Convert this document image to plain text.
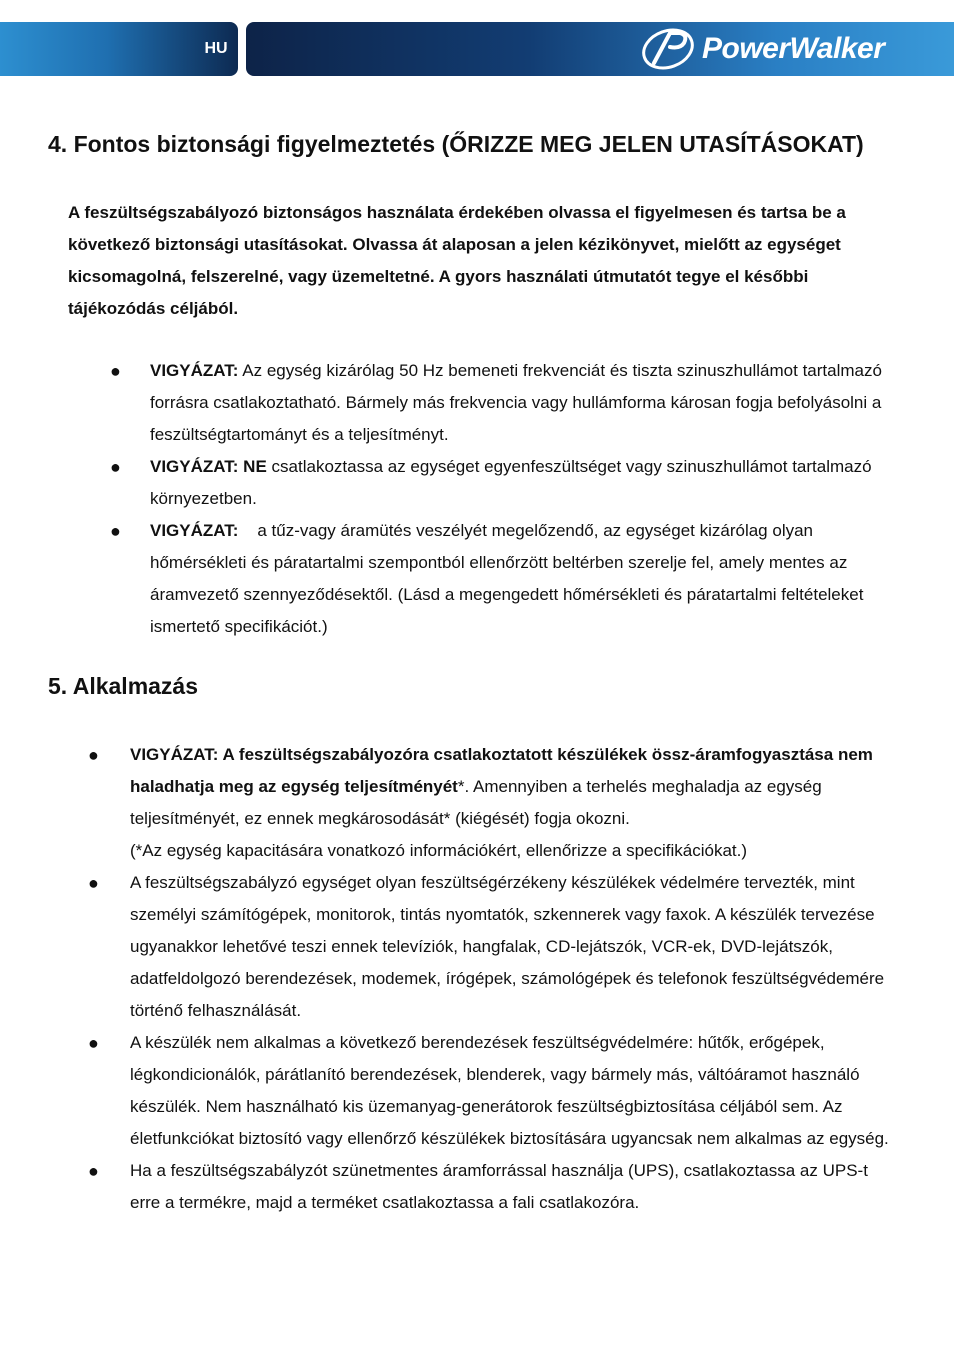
HU	PowerWalker
4. Fontos biztonsági figyelmeztetés (ŐRIZZE MEG JELEN UTASÍTÁSOKAT)

A feszültségszabályozó biztonságos használata érdekében olvassa el figyelmesen és tartsa be a következő biztonsági utasításokat. Olvassa át alaposan a jelen kézikönyvet, mielőtt az egységet kicsomagolná, felszerelné, vagy üzemeltetné. A gyors használati útmutatót tegye el későbbi tájékozódás céljából.

● VIGYÁZAT: Az egység kizárólag 50 Hz bemeneti frekvenciát és tiszta szinuszhullámot tartalmazó forrásra csatlakoztatható. Bármely más frekvencia vagy hullámforma károsan fogja befolyásolni a feszültségtartományt és a teljesítményt.
● VIGYÁZAT: NE csatlakoztassa az egységet egyenfeszültséget vagy szinuszhullámot tartalmazó környezetben.
● VIGYÁZAT:    a tűz-vagy áramütés veszélyét megelőzendő, az egységet kizárólag olyan hőmérsékleti és páratartalmi szempontból ellenőrzött beltérben szerelje fel, amely mentes az áramvezető szennyeződésektől. (Lásd a megengedett hőmérsékleti és páratartalmi feltételeket ismertető specifikációt.)
5. Alkalmazás
● VIGYÁZAT: A feszültségszabályozóra csatlakoztatott készülékek össz-áramfogyasztása nem haladhatja meg az egység teljesítményét*. Amennyiben a terhelés meghaladja az egység teljesítményét, ez ennek megkárosodását* (kiégését) fogja okozni.
(*Az egység kapacitására vonatkozó információkért, ellenőrizze a specifikációkat.)
● A feszültségszabályzó egységet olyan feszültségérzékeny készülékek védelmére tervezték, mint személyi számítógépek, monitorok, tintás nyomtatók, szkennerek vagy faxok. A készülék tervezése ugyanakkor lehetővé teszi ennek televíziók, hangfalak, CD-lejátszók, VCR-ek, DVD-lejátszók, adatfeldolgozó berendezések, modemek, írógépek, számológépek és telefonok feszültségvédemére történő felhasználását.
● A készülék nem alkalmas a következő berendezések feszültségvédelmére: hűtők, erőgépek, légkondicionálók, párátlanító berendezések, blenderek, vagy bármely más, váltóáramot használó készülék. Nem használható kis üzemanyag-generátorok feszültségbiztosítása céljából sem. Az életfunkciókat biztosító vagy ellenőrző készülékek biztosítására ugyancsak nem alkalmas az egység.
● Ha a feszültségszabályzót szünetmentes áramforrással használja (UPS), csatlakoztassa az UPS-t erre a termékre, majd a terméket csatlakoztassa a fali csatlakozóra.
